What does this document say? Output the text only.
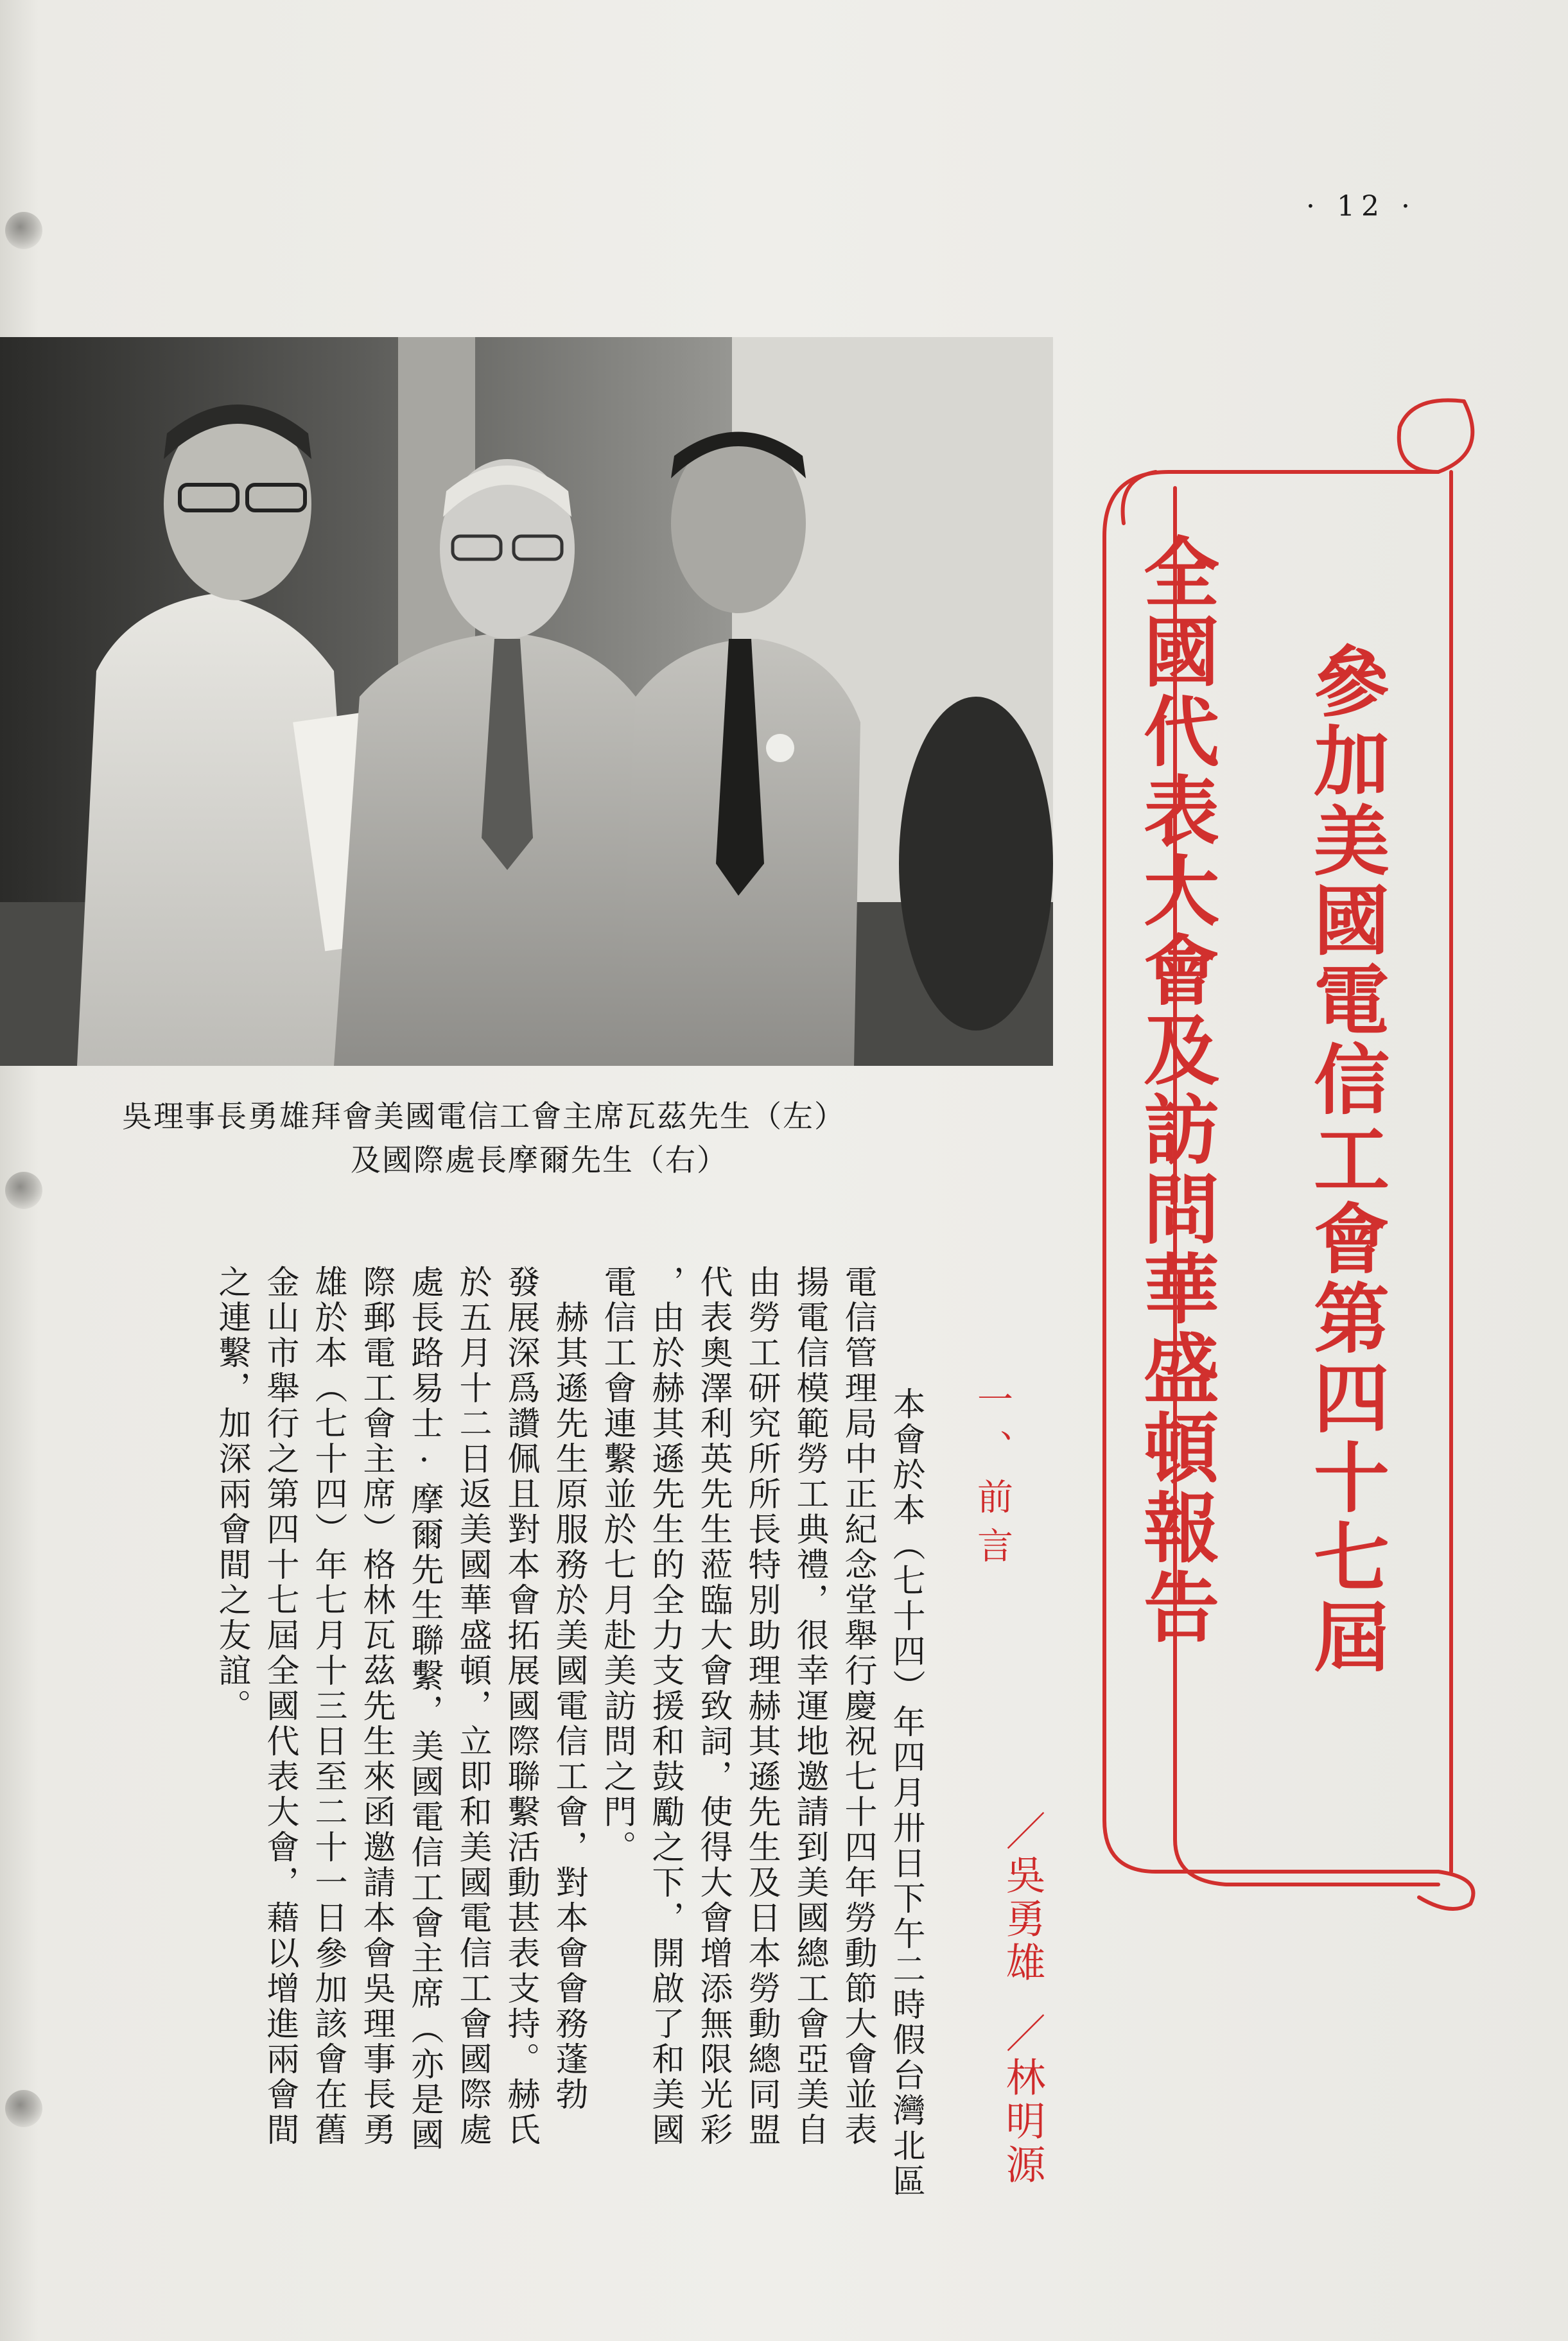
· 12 ·
吳理事長勇雄拜會美國電信工會主席瓦茲先生（左）
及國際處長摩爾先生（右）	參加美國電信工會第四十七屆
全國代表大會及訪問華盛頓報告
／吳勇雄
／林明源
一、前言
　本會於本（七十四）年四月卅日下午二時假台灣北區
電信管理局中正紀念堂舉行慶祝七十四年勞動節大會並表
揚電信模範勞工典禮，很幸運地邀請到美國總工會亞美自
由勞工研究所所長特別助理赫其遜先生及日本勞動總同盟
代表奧澤利英先生蒞臨大會致詞，使得大會增添無限光彩
，由於赫其遜先生的全力支援和鼓勵之下，開啟了和美國
電信工會連繫並於七月赴美訪問之門。
　赫其遜先生原服務於美國電信工會，對本會會務蓬勃
發展深爲讚佩且對本會拓展國際聯繫活動甚表支持。赫氏
於五月十二日返美國華盛頓，立即和美國電信工會國際處
處長路易士·摩爾先生聯繫，美國電信工會主席（亦是國
際郵電工會主席）格林瓦茲先生來函邀請本會吳理事長勇
雄於本（七十四）年七月十三日至二十一日參加該會在舊
金山市舉行之第四十七屆全國代表大會，藉以增進兩會間
之連繫，加深兩會間之友誼。
